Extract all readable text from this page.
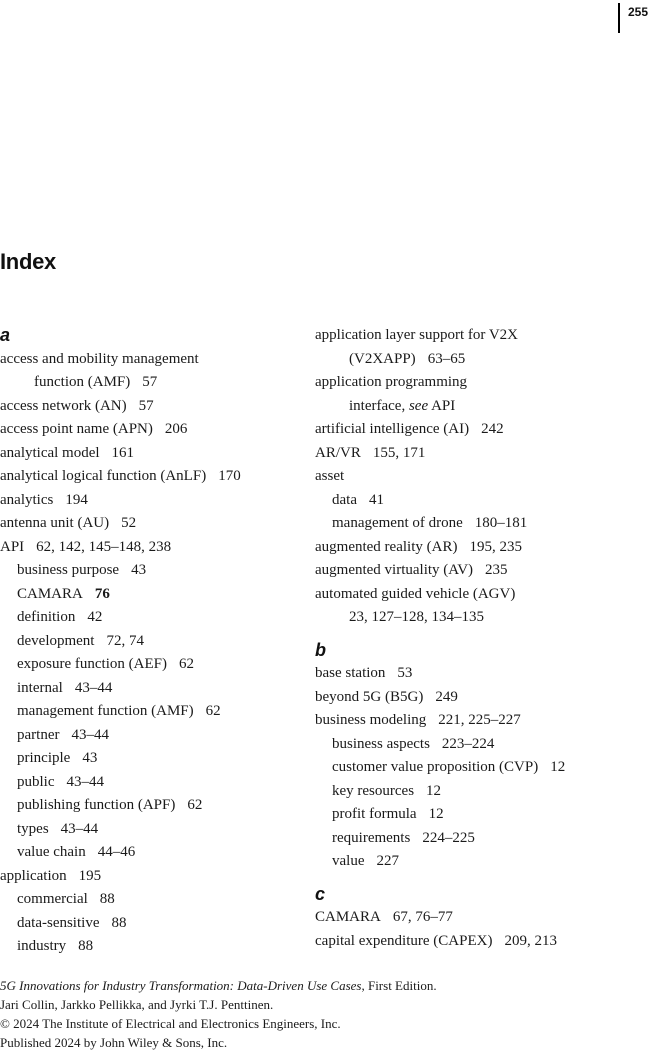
255
Index
a
access and mobility management
function (AMF) 57
access network (AN) 57
access point name (APN) 206
analytical model 161
analytical logical function (AnLF) 170
analytics 194
antenna unit (AU) 52
API 62, 142, 145–148, 238
business purpose 43
CAMARA 76
definition 42
development 72, 74
exposure function (AEF) 62
internal 43–44
management function (AMF) 62
partner 43–44
principle 43
public 43–44
publishing function (APF) 62
types 43–44
value chain 44–46
application 195
commercial 88
data-sensitive 88
industry 88
application layer support for V2X
(V2XAPP) 63–65
application programming
interface, see API
artificial intelligence (AI) 242
AR/VR 155, 171
asset
data 41
management of drone 180–181
augmented reality (AR) 195, 235
augmented virtuality (AV) 235
automated guided vehicle (AGV)
23, 127–128, 134–135
b
base station 53
beyond 5G (B5G) 249
business modeling 221, 225–227
business aspects 223–224
customer value proposition (CVP) 12
key resources 12
profit formula 12
requirements 224–225
value 227
c
CAMARA 67, 76–77
capital expenditure (CAPEX) 209, 213
5G Innovations for Industry Transformation: Data-Driven Use Cases, First Edition.
Jari Collin, Jarkko Pellikka, and Jyrki T.J. Penttinen.
© 2024 The Institute of Electrical and Electronics Engineers, Inc.
Published 2024 by John Wiley & Sons, Inc.
